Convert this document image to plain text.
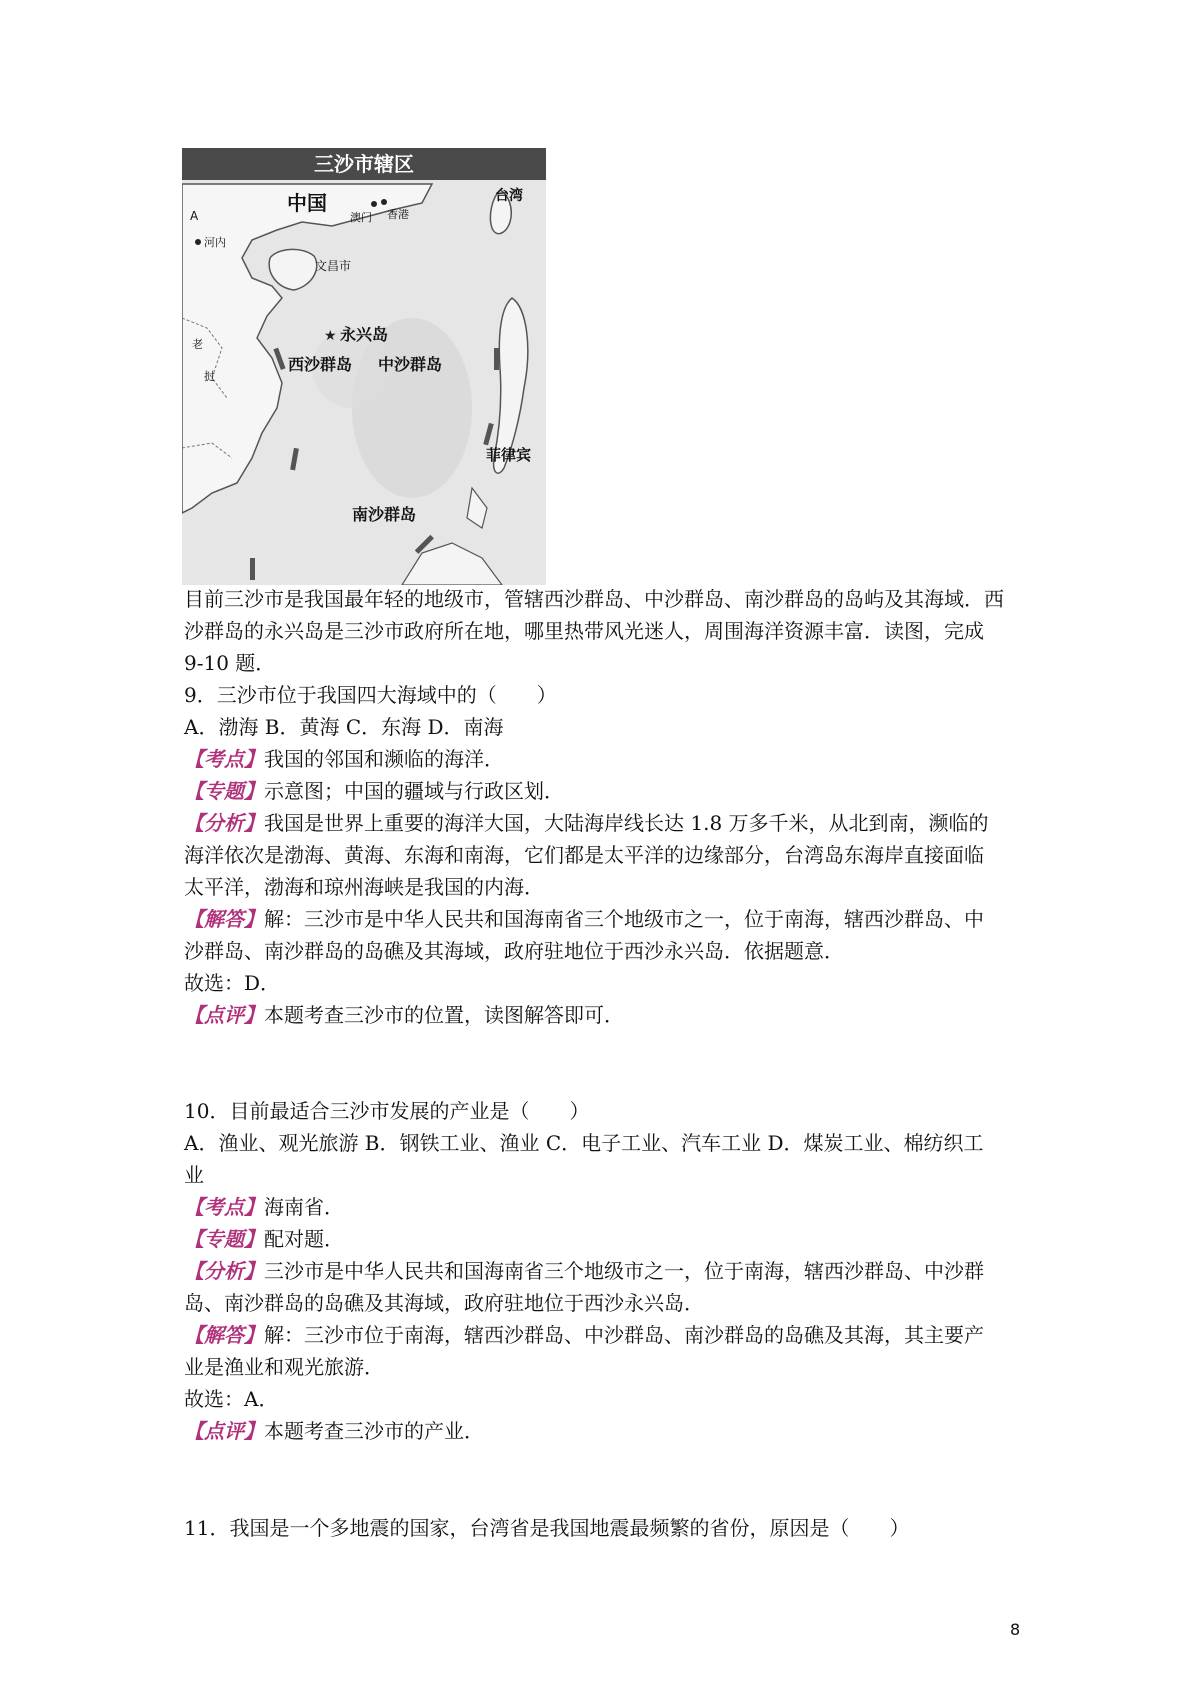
三沙市辖区
★
中国
A
河内
澳门 香港
台湾
文昌市
永兴岛
西沙群岛 中沙群岛
老
挝
菲律宾
南沙群岛

目前三沙市是我国最年轻的地级市，管辖西沙群岛、中沙群岛、南沙群岛的岛屿及其海域．西

沙群岛的永兴岛是三沙市政府所在地，哪里热带风光迷人，周围海洋资源丰富．读图，完成

9-10 题．

9．三沙市位于我国四大海域中的（　　）

A．渤海 B．黄海 C．东海 D．南海

【考点】我国的邻国和濒临的海洋．

【专题】示意图；中国的疆域与行政区划．

【分析】我国是世界上重要的海洋大国，大陆海岸线长达 1.8 万多千米，从北到南，濒临的

海洋依次是渤海、黄海、东海和南海，它们都是太平洋的边缘部分，台湾岛东海岸直接面临

太平洋，渤海和琼州海峡是我国的内海．

【解答】解：三沙市是中华人民共和国海南省三个地级市之一，位于南海，辖西沙群岛、中

沙群岛、南沙群岛的岛礁及其海域，政府驻地位于西沙永兴岛．依据题意．

故选：D．

【点评】本题考查三沙市的位置，读图解答即可．

10．目前最适合三沙市发展的产业是（　　）

A．渔业、观光旅游 B．钢铁工业、渔业 C．电子工业、汽车工业 D．煤炭工业、棉纺织工

业

【考点】海南省．

【专题】配对题．

【分析】三沙市是中华人民共和国海南省三个地级市之一，位于南海，辖西沙群岛、中沙群

岛、南沙群岛的岛礁及其海域，政府驻地位于西沙永兴岛．

【解答】解：三沙市位于南海，辖西沙群岛、中沙群岛、南沙群岛的岛礁及其海，其主要产

业是渔业和观光旅游．

故选：A．

【点评】本题考查三沙市的产业．

11．我国是一个多地震的国家，台湾省是我国地震最频繁的省份，原因是（　　）

8
